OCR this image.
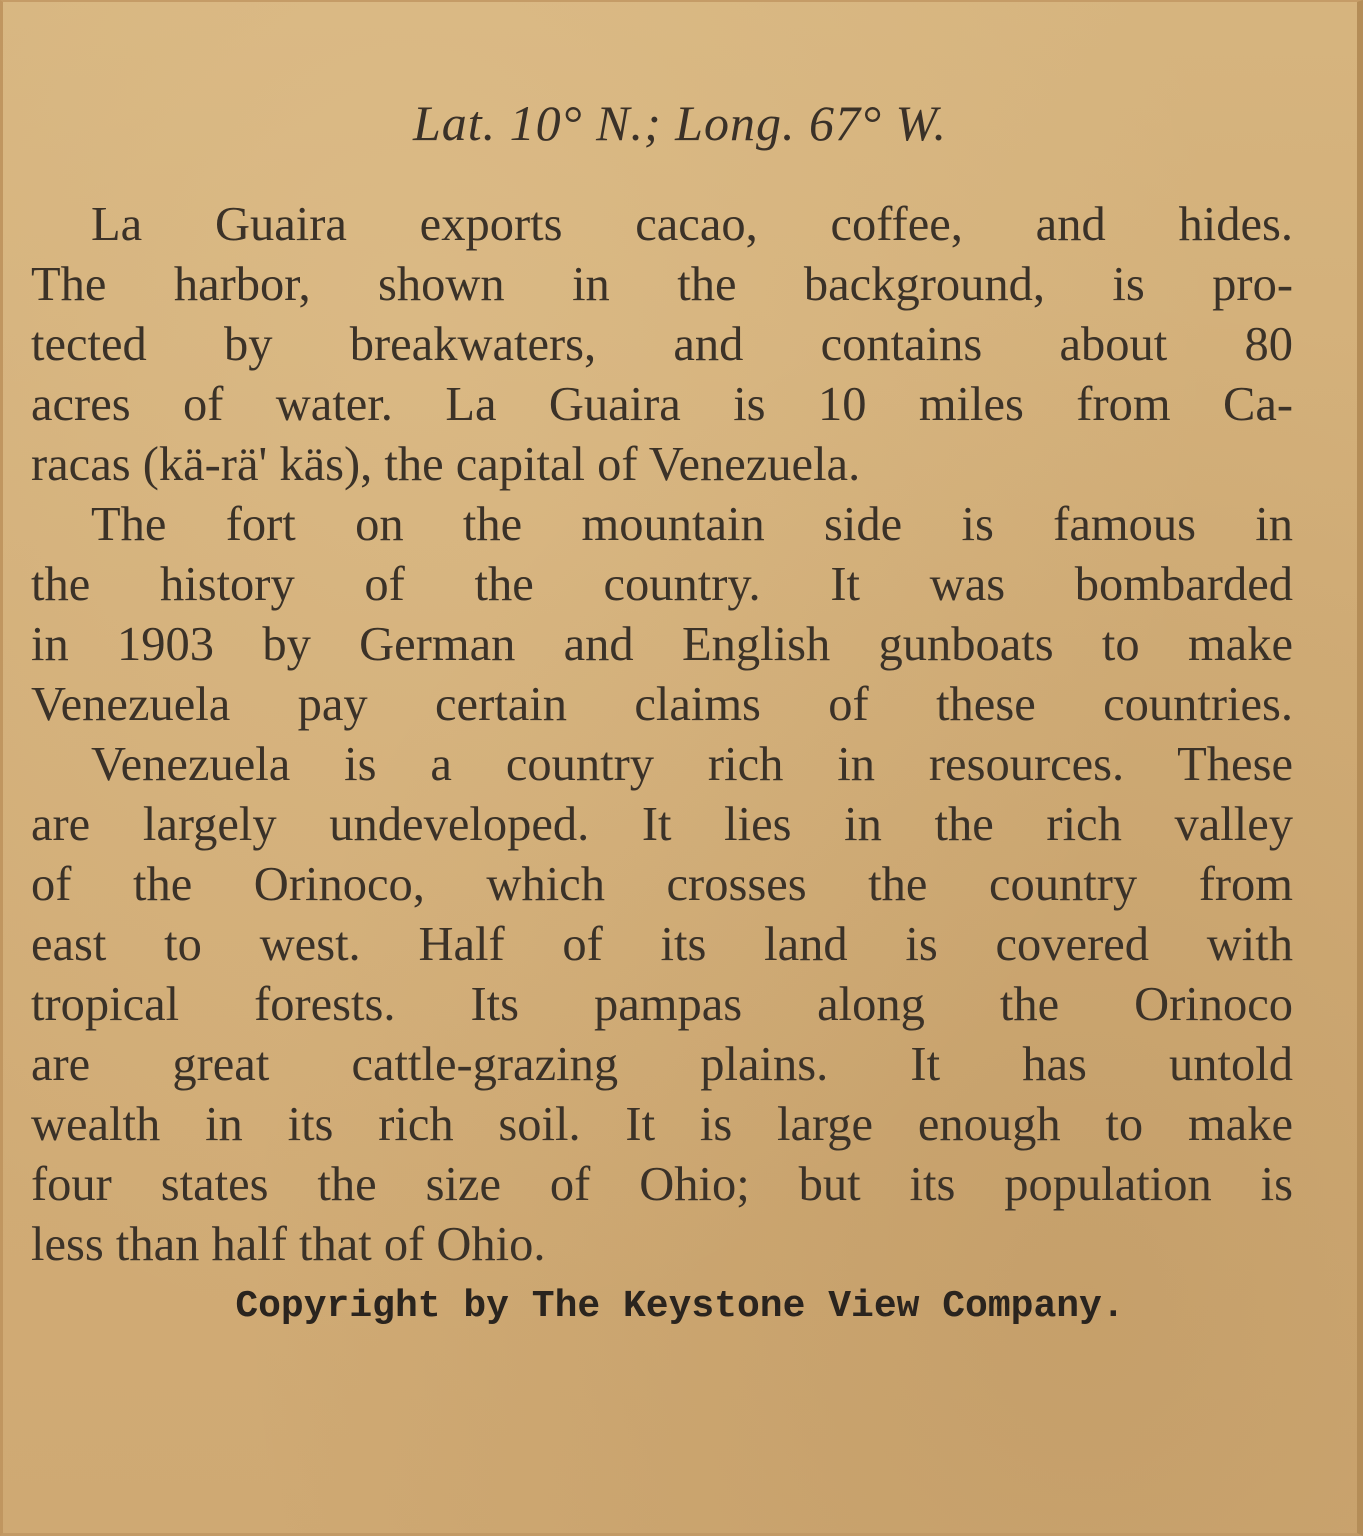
Lat. 10° N.; Long. 67° W.
La Guaira exports cacao, coffee, and hides.
The harbor, shown in the background, is pro-
tected by breakwaters, and contains about 80
acres of water. La Guaira is 10 miles from Ca-
racas (kä-rä' käs), the capital of Venezuela.
The fort on the mountain side is famous in
the history of the country. It was bombarded
in 1903 by German and English gunboats to make
Venezuela pay certain claims of these countries.
Venezuela is a country rich in resources. These
are largely undeveloped. It lies in the rich valley
of the Orinoco, which crosses the country from
east to west. Half of its land is covered with
tropical forests. Its pampas along the Orinoco
are great cattle-grazing plains. It has untold
wealth in its rich soil. It is large enough to make
four states the size of Ohio; but its population is
less than half that of Ohio.
Copyright by The Keystone View Company.
